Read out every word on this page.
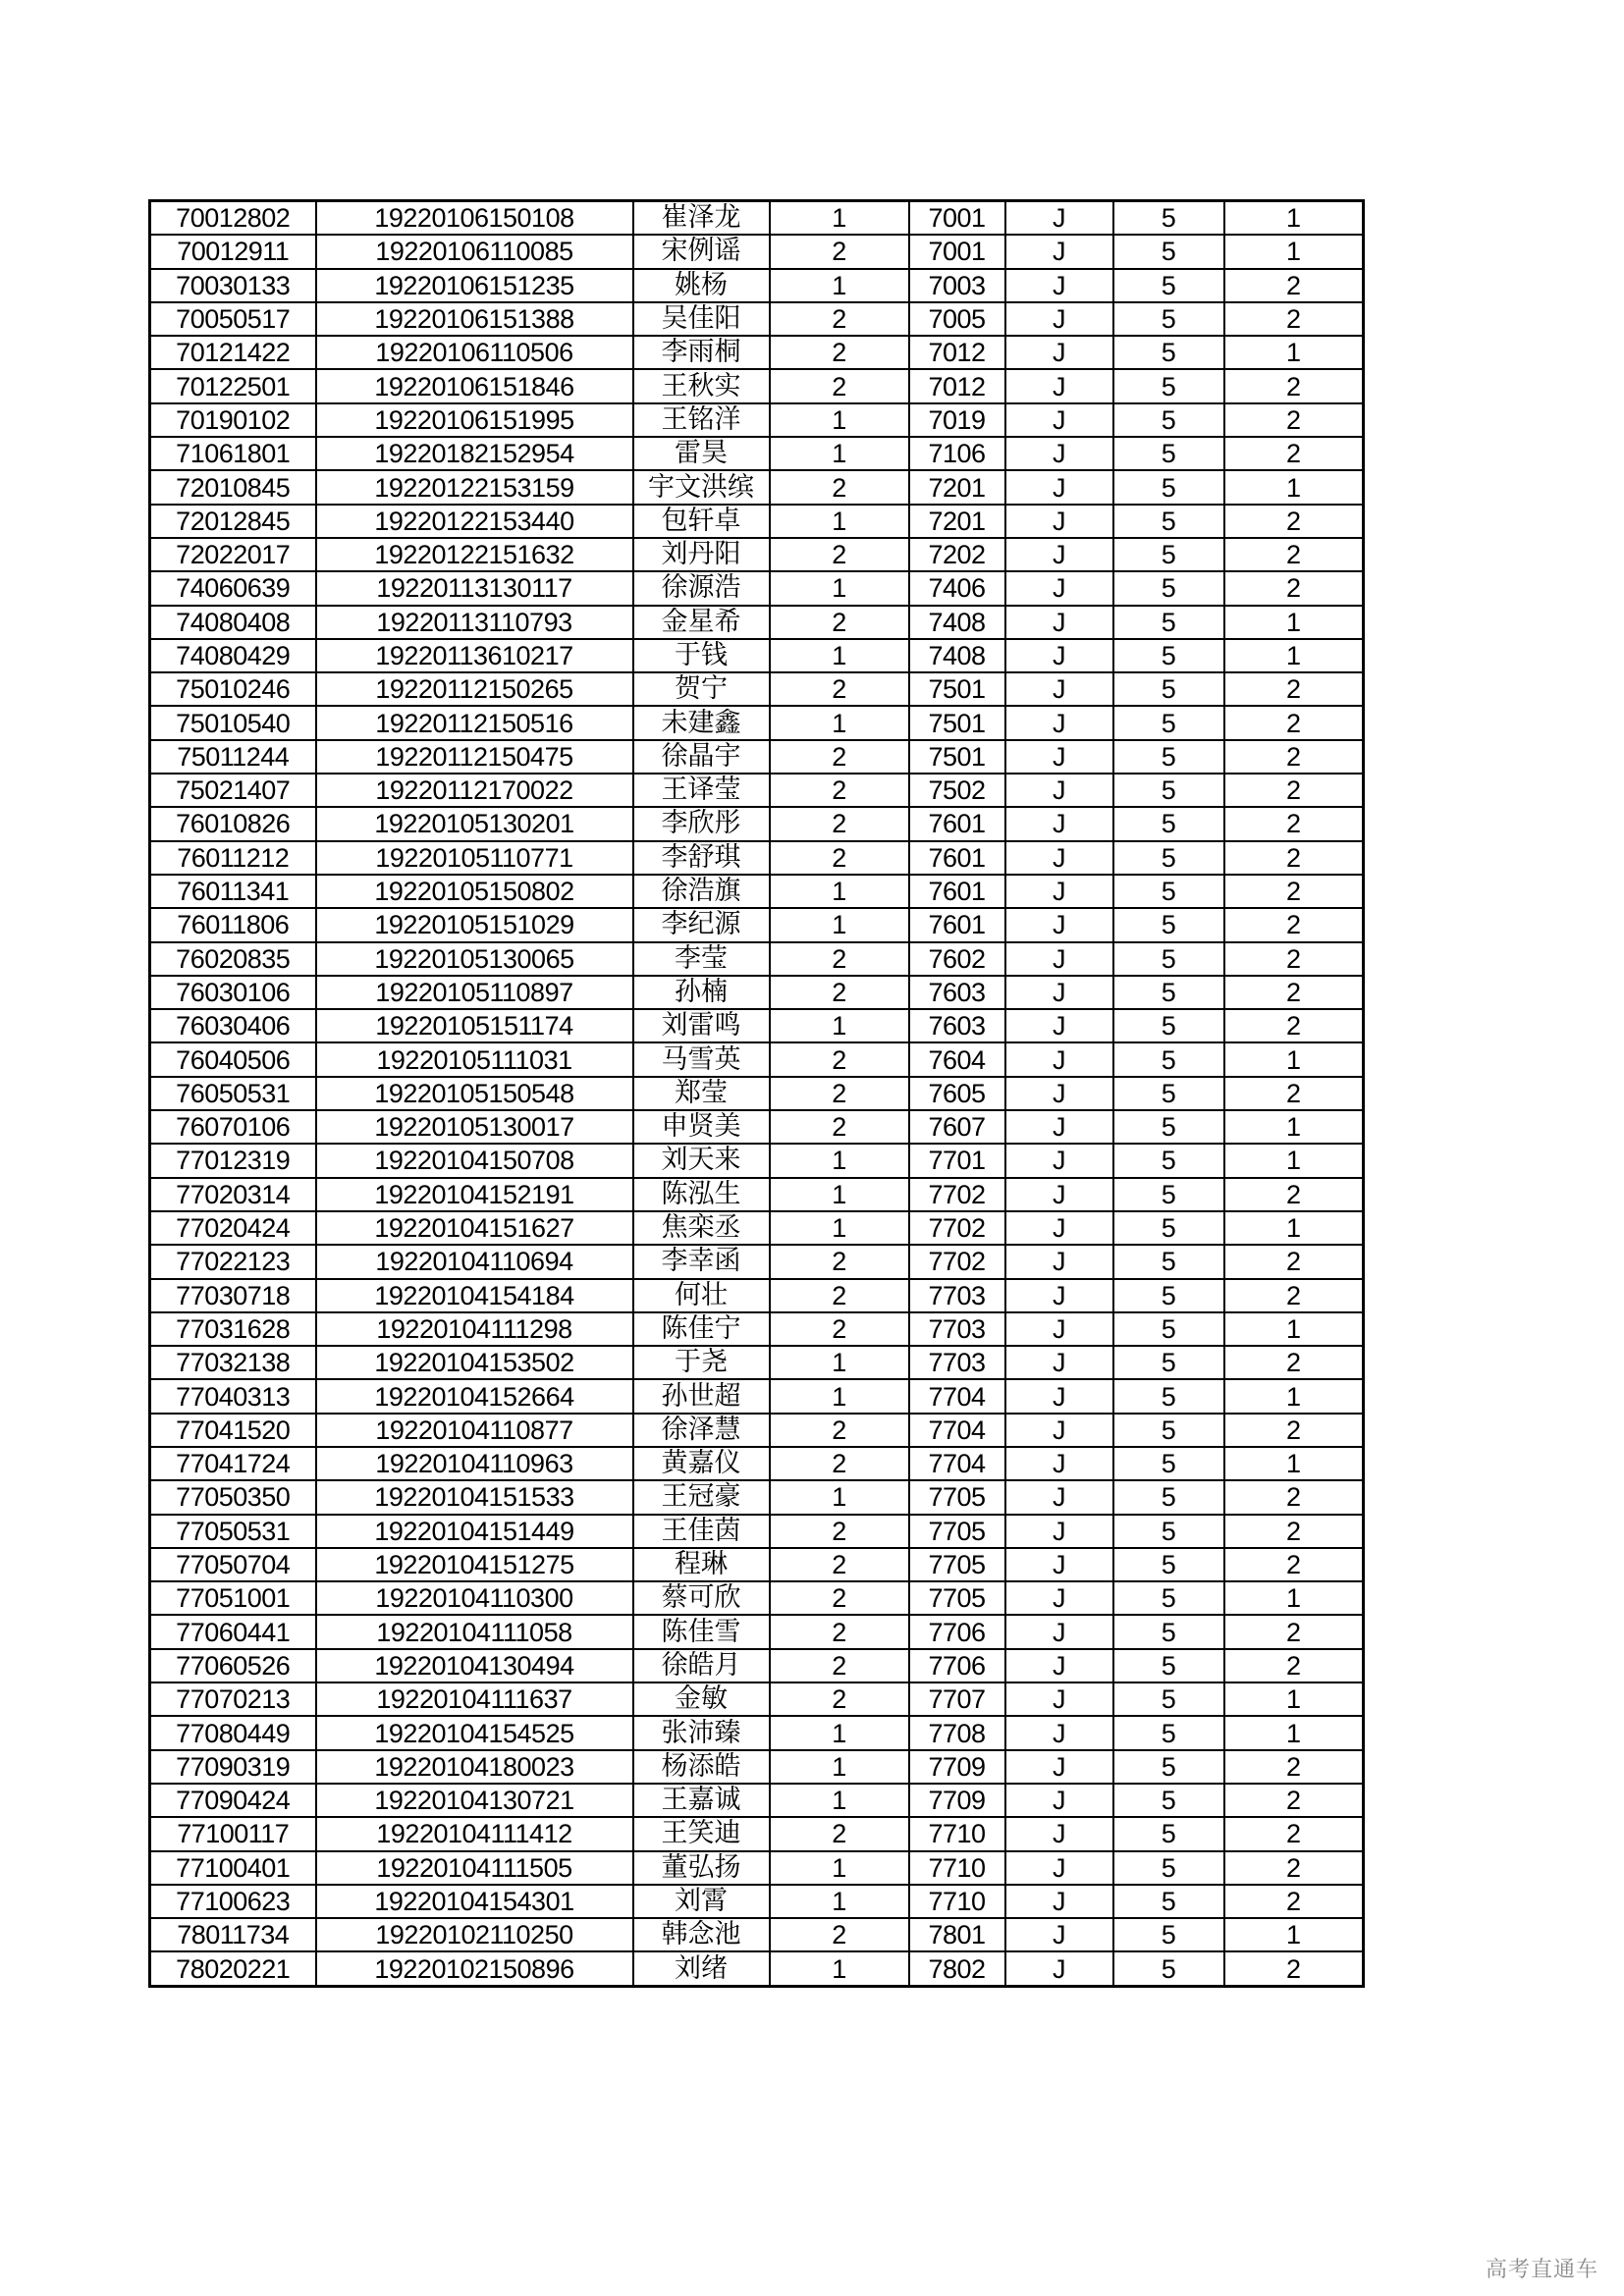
70012802	19220106150108	崔泽龙	1	7001	J	5	1
70012911	19220106110085	宋例谣	2	7001	J	5	1
70030133	19220106151235	姚杨	1	7003	J	5	2
70050517	19220106151388	吴佳阳	2	7005	J	5	2
70121422	19220106110506	李雨桐	2	7012	J	5	1
70122501	19220106151846	王秋实	2	7012	J	5	2
70190102	19220106151995	王铭洋	1	7019	J	5	2
71061801	19220182152954	雷昊	1	7106	J	5	2
72010845	19220122153159	宇文洪缤	2	7201	J	5	1
72012845	19220122153440	包轩卓	1	7201	J	5	2
72022017	19220122151632	刘丹阳	2	7202	J	5	2
74060639	19220113130117	徐源浩	1	7406	J	5	2
74080408	19220113110793	金星希	2	7408	J	5	1
74080429	19220113610217	于钱	1	7408	J	5	1
75010246	19220112150265	贺宁	2	7501	J	5	2
75010540	19220112150516	未建鑫	1	7501	J	5	2
75011244	19220112150475	徐晶宇	2	7501	J	5	2
75021407	19220112170022	王译莹	2	7502	J	5	2
76010826	19220105130201	李欣彤	2	7601	J	5	2
76011212	19220105110771	李舒琪	2	7601	J	5	2
76011341	19220105150802	徐浩旗	1	7601	J	5	2
76011806	19220105151029	李纪源	1	7601	J	5	2
76020835	19220105130065	李莹	2	7602	J	5	2
76030106	19220105110897	孙楠	2	7603	J	5	2
76030406	19220105151174	刘雷鸣	1	7603	J	5	2
76040506	19220105111031	马雪英	2	7604	J	5	1
76050531	19220105150548	郑莹	2	7605	J	5	2
76070106	19220105130017	申贤美	2	7607	J	5	1
77012319	19220104150708	刘天来	1	7701	J	5	1
77020314	19220104152191	陈泓生	1	7702	J	5	2
77020424	19220104151627	焦栾丞	1	7702	J	5	1
77022123	19220104110694	李幸函	2	7702	J	5	2
77030718	19220104154184	何壮	2	7703	J	5	2
77031628	19220104111298	陈佳宁	2	7703	J	5	1
77032138	19220104153502	于尧	1	7703	J	5	2
77040313	19220104152664	孙世超	1	7704	J	5	1
77041520	19220104110877	徐泽慧	2	7704	J	5	2
77041724	19220104110963	黄嘉仪	2	7704	J	5	1
77050350	19220104151533	王冠豪	1	7705	J	5	2
77050531	19220104151449	王佳茵	2	7705	J	5	2
77050704	19220104151275	程琳	2	7705	J	5	2
77051001	19220104110300	蔡可欣	2	7705	J	5	1
77060441	19220104111058	陈佳雪	2	7706	J	5	2
77060526	19220104130494	徐皓月	2	7706	J	5	2
77070213	19220104111637	金敏	2	7707	J	5	1
77080449	19220104154525	张沛臻	1	7708	J	5	1
77090319	19220104180023	杨添皓	1	7709	J	5	2
77090424	19220104130721	王嘉诚	1	7709	J	5	2
77100117	19220104111412	王笑迪	2	7710	J	5	2
77100401	19220104111505	董弘扬	1	7710	J	5	2
77100623	19220104154301	刘霄	1	7710	J	5	2
78011734	19220102110250	韩念池	2	7801	J	5	1
78020221	19220102150896	刘绪	1	7802	J	5	2
高考直通车
